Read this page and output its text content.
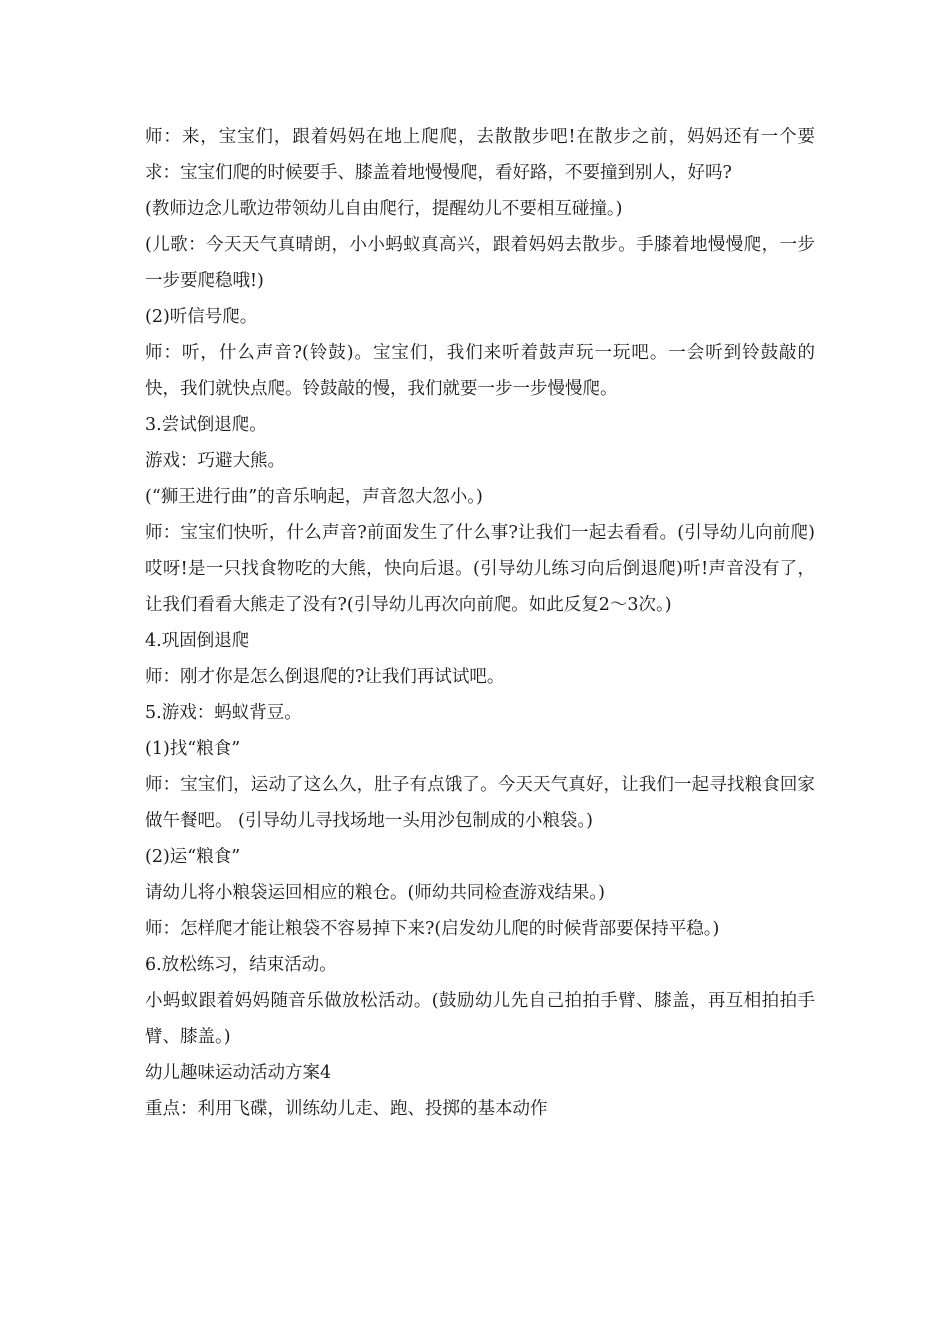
师：来，宝宝们，跟着妈妈在地上爬爬，去散散步吧!在散步之前，妈妈还有一个要求：宝宝们爬的时候要手、膝盖着地慢慢爬，看好路，不要撞到别人，好吗?

(教师边念儿歌边带领幼儿自由爬行，提醒幼儿不要相互碰撞。)

(儿歌：今天天气真晴朗，小小蚂蚁真高兴，跟着妈妈去散步。手膝着地慢慢爬，一步一步要爬稳哦!)

(2)听信号爬。

师：听，什么声音?(铃鼓)。宝宝们，我们来听着鼓声玩一玩吧。一会听到铃鼓敲的快，我们就快点爬。铃鼓敲的慢，我们就要一步一步慢慢爬。

3.尝试倒退爬。

游戏：巧避大熊。

(“狮王进行曲”的音乐响起，声音忽大忽小。)

师：宝宝们快听，什么声音?前面发生了什么事?让我们一起去看看。(引导幼儿向前爬)哎呀!是一只找食物吃的大熊，快向后退。(引导幼儿练习向后倒退爬)听!声音没有了，让我们看看大熊走了没有?(引导幼儿再次向前爬。如此反复2～3次。)

4.巩固倒退爬

师：刚才你是怎么倒退爬的?让我们再试试吧。

5.游戏：蚂蚁背豆。

(1)找“粮食”

师：宝宝们，运动了这么久，肚子有点饿了。今天天气真好，让我们一起寻找粮食回家做午餐吧。 (引导幼儿寻找场地一头用沙包制成的小粮袋。)

(2)运“粮食”

请幼儿将小粮袋运回相应的粮仓。(师幼共同检查游戏结果。)

师：怎样爬才能让粮袋不容易掉下来?(启发幼儿爬的时候背部要保持平稳。)

6.放松练习，结束活动。

小蚂蚁跟着妈妈随音乐做放松活动。(鼓励幼儿先自己拍拍手臂、膝盖，再互相拍拍手臂、膝盖。)

幼儿趣味运动活动方案4

重点：利用飞碟，训练幼儿走、跑、投掷的基本动作
